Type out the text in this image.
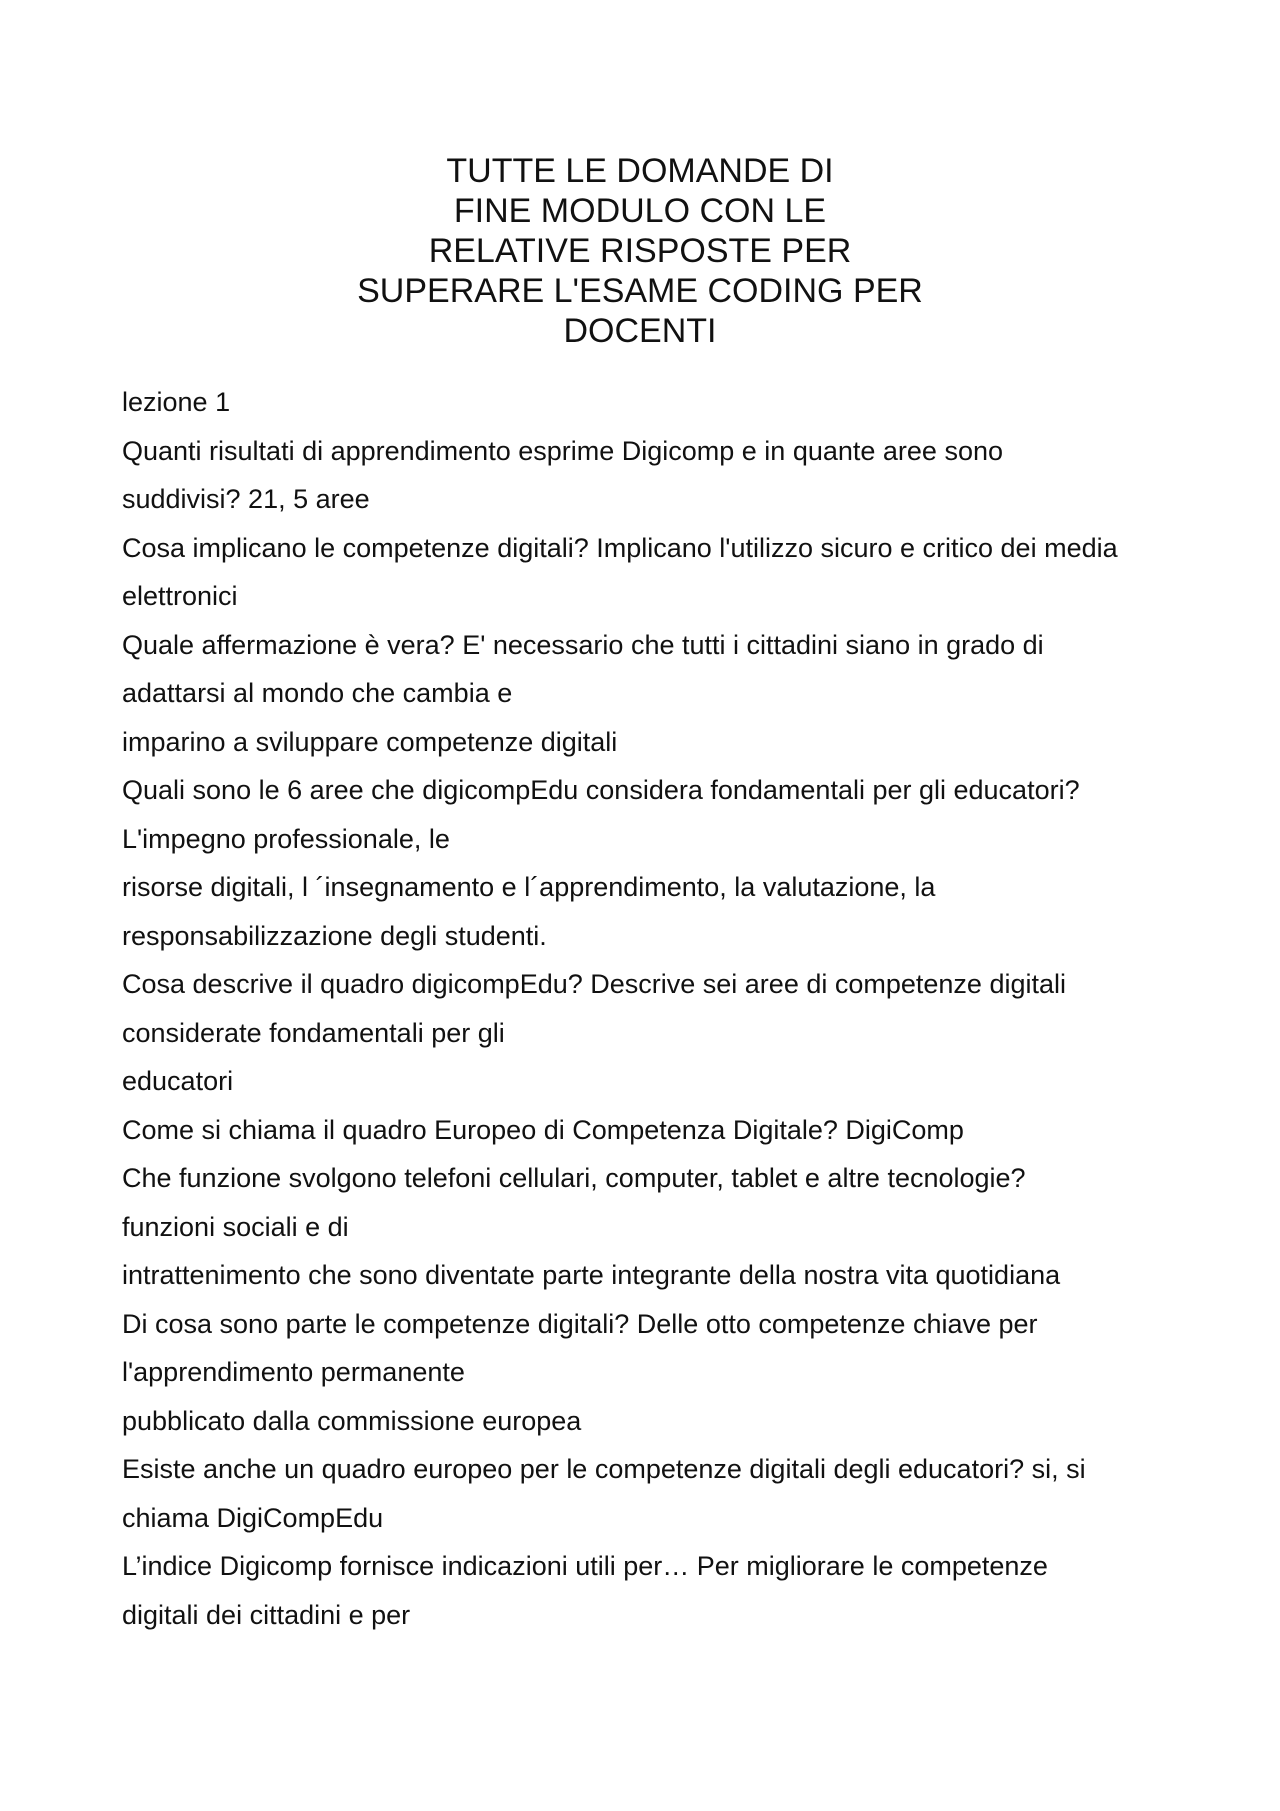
TUTTE LE DOMANDE DI
FINE MODULO CON LE
RELATIVE RISPOSTE PER
SUPERARE L'ESAME CODING PER
DOCENTI
lezione 1
Quanti risultati di apprendimento esprime Digicomp e in quante aree sono
suddivisi? 21, 5 aree
Cosa implicano le competenze digitali? Implicano l'utilizzo sicuro e critico dei media
elettronici
Quale affermazione è vera? E' necessario che tutti i cittadini siano in grado di
adattarsi al mondo che cambia e
imparino a sviluppare competenze digitali
Quali sono le 6 aree che digicompEdu considera fondamentali per gli educatori?
L'impegno professionale, le
risorse digitali, l ´insegnamento e l´apprendimento, la valutazione, la
responsabilizzazione degli studenti.
Cosa descrive il quadro digicompEdu? Descrive sei aree di competenze digitali
considerate fondamentali per gli
educatori
Come si chiama il quadro Europeo di Competenza Digitale? DigiComp
Che funzione svolgono telefoni cellulari, computer, tablet e altre tecnologie?
funzioni sociali e di
intrattenimento che sono diventate parte integrante della nostra vita quotidiana
Di cosa sono parte le competenze digitali? Delle otto competenze chiave per
l'apprendimento permanente
pubblicato dalla commissione europea
Esiste anche un quadro europeo per le competenze digitali degli educatori? si, si
chiama DigiCompEdu
L’indice Digicomp fornisce indicazioni utili per… Per migliorare le competenze
digitali dei cittadini e per
